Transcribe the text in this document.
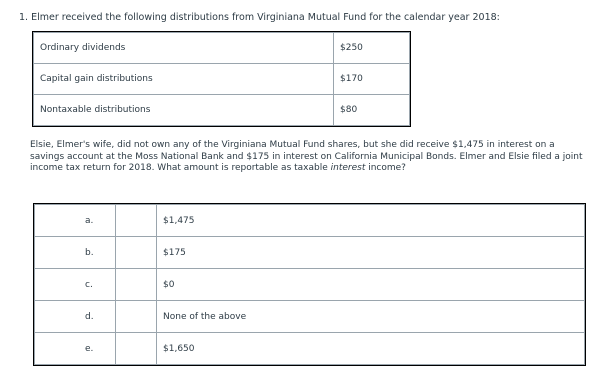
1. Elmer received the following distributions from Virginiana Mutual Fund for the calendar year 2018:
Ordinary dividends	$250
Capital gain distributions	$170
Nontaxable distributions	$80
Elsie, Elmer's wife, did not own any of the Virginiana Mutual Fund shares, but she did receive $1,475 in interest on a savings account at the Moss National Bank and $175 in interest on California Municipal Bonds. Elmer and Elsie filed a joint income tax return for 2018. What amount is reportable as taxable interest income?
a.		$1,475
b.		$175
c.		$0
d.		None of the above
e.		$1,650
